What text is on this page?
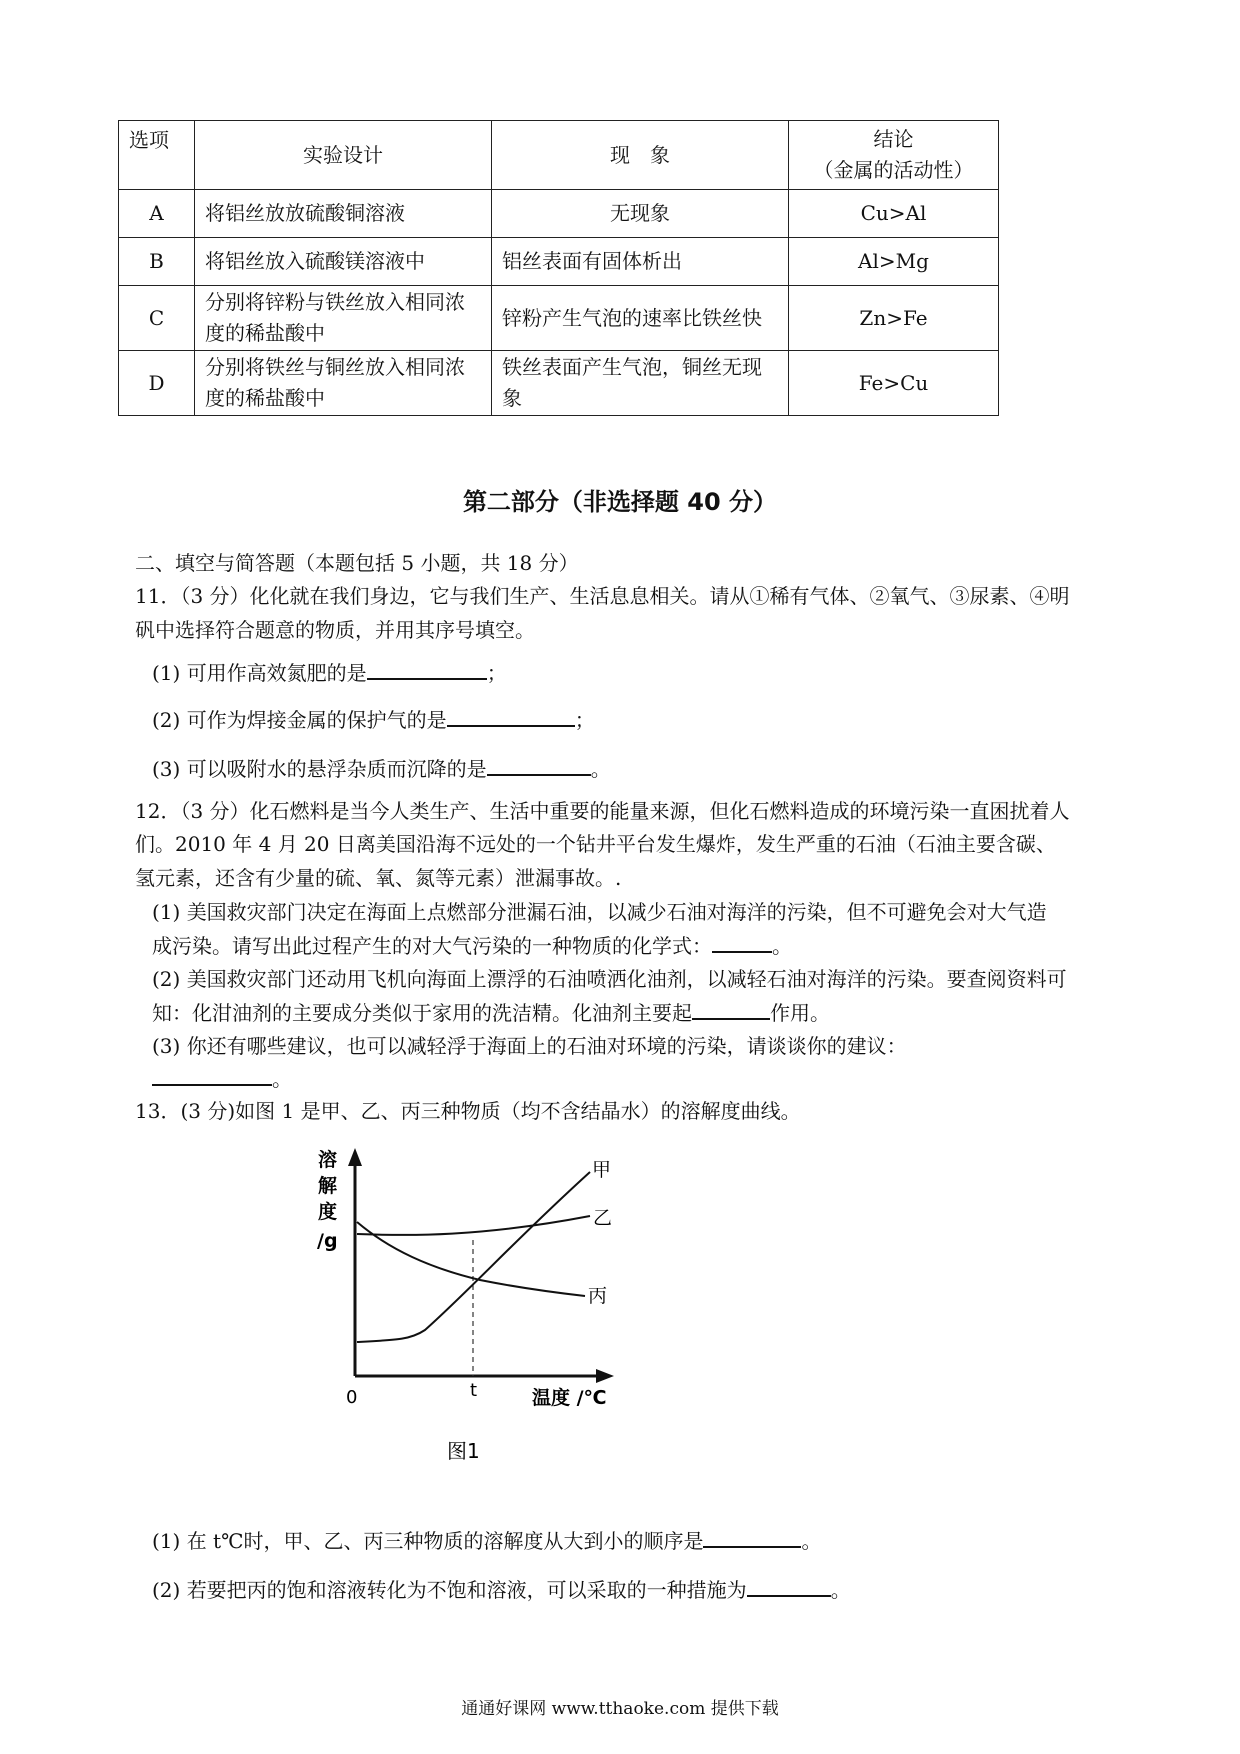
选项	实验设计	现　象	结论
（金属的活动性）

A	将铝丝放放硫酸铜溶液	无现象	Cu>Al
B	将铝丝放入硫酸镁溶液中	铝丝表面有固体析出	Al>Mg
C	分别将锌粉与铁丝放入相同浓度的稀盐酸中	锌粉产生气泡的速率比铁丝快	Zn>Fe
D	分别将铁丝与铜丝放入相同浓度的稀盐酸中	铁丝表面产生气泡，铜丝无现象	Fe>Cu
第二部分（非选择题 40 分）
二、填空与简答题（本题包括 5 小题，共 18 分）
11．（3 分）化化就在我们身边，它与我们生产、生活息息相关。请从①稀有气体、②氧气、③尿素、④明
矾中选择符合题意的物质，并用其序号填空。
(1) 可用作高效氮肥的是	；
(2) 可作为焊接金属的保护气的是	；
(3) 可以吸附水的悬浮杂质而沉降的是	。
12．（3 分）化石燃料是当今人类生产、生活中重要的能量来源，但化石燃料造成的环境污染一直困扰着人
们。2010 年 4 月 20 日离美国沿海不远处的一个钻井平台发生爆炸，发生严重的石油（石油主要含碳、
氢元素，还含有少量的硫、氧、氮等元素）泄漏事故。.
(1) 美国救灾部门决定在海面上点燃部分泄漏石油，以减少石油对海洋的污染，但不可避免会对大气造
成污染。请写出此过程产生的对大气污染的一种物质的化学式：	。
(2) 美国救灾部门还动用飞机向海面上漂浮的石油喷洒化油剂，以减轻石油对海洋的污染。要查阅资料可
知：化泔油剂的主要成分类似于家用的洗洁精。化油剂主要起	作用。
(3) 你还有哪些建议，也可以减轻浮于海面上的石油对环境的污染，请谈谈你的建议：
。
13．(3 分)如图 1 是甲、乙、丙三种物质（均不含结晶水）的溶解度曲线。
溶
解
度
/g
0	t	温度 /℃
甲
乙
丙
图1
(1) 在 t℃时，甲、乙、丙三种物质的溶解度从大到小的顺序是	。
(2) 若要把丙的饱和溶液转化为不饱和溶液，可以采取的一种措施为	。
通通好课网 www.tthaoke.com 提供下载
